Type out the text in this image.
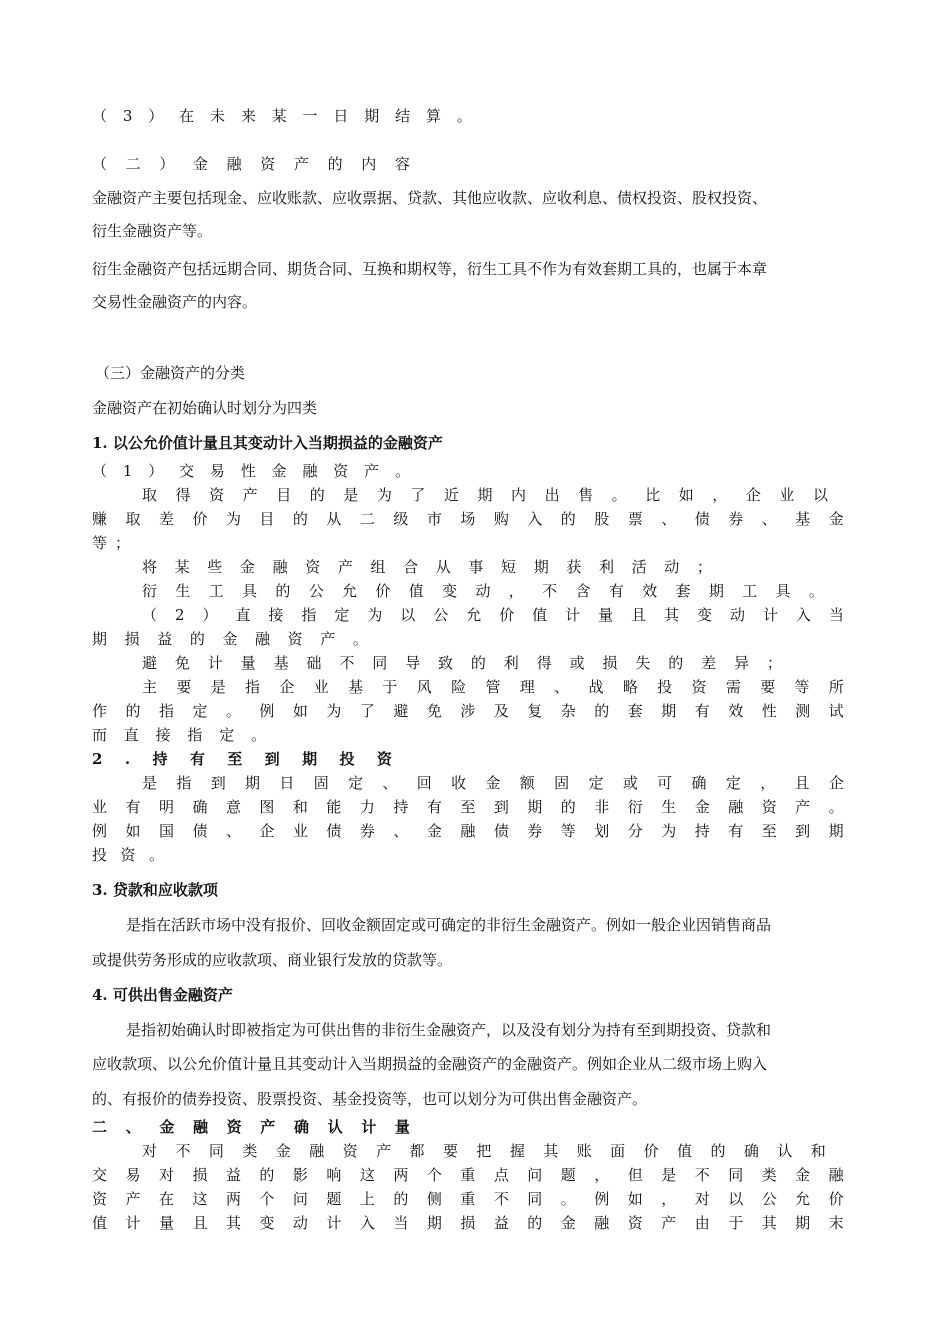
（ 3 ） 在 未 来 某 一 日 期 结 算 。
（ 二 ） 金 融 资 产 的 内 容
金融资产主要包括现金、应收账款、应收票据、贷款、其他应收款、应收利息、债权投资、股权投资、
衍生金融资产等。
衍生金融资产包括远期合同、期货合同、互换和期权等，衍生工具不作为有效套期工具的，也属于本章
交易性金融资产的内容。
（三）金融资产的分类
金融资产在初始确认时划分为四类
1. 以公允价值计量且其变动计入当期损益的金融资产
（ 1 ） 交 易 性 金 融 资 产 。
取 得 资 产 目 的 是 为 了 近 期 内 出 售 。 比 如 ， 企 业 以
赚 取 差 价 为 目 的 从 二 级 市 场 购 入 的 股 票 、 债 券 、 基 金
等 ；
将 某 些 金 融 资 产 组 合 从 事 短 期 获 利 活 动 ；
衍 生 工 具 的 公 允 价 值 变 动 ， 不 含 有 效 套 期 工 具 。
（ 2 ） 直 接 指 定 为 以 公 允 价 值 计 量 且 其 变 动 计 入 当
期 损 益 的 金 融 资 产 。
避 免 计 量 基 础 不 同 导 致 的 利 得 或 损 失 的 差 异 ；
主 要 是 指 企 业 基 于 风 险 管 理 、 战 略 投 资 需 要 等 所
作 的 指 定 。 例 如 为 了 避 免 涉 及 复 杂 的 套 期 有 效 性 测 试
而 直 接 指 定 。
2 . 持 有 至 到 期 投 资
是 指 到 期 日 固 定 、 回 收 金 额 固 定 或 可 确 定 ， 且 企
业 有 明 确 意 图 和 能 力 持 有 至 到 期 的 非 衍 生 金 融 资 产 。
例 如 国 债 、 企 业 债 券 、 金 融 债 券 等 划 分 为 持 有 至 到 期
投 资 。
3. 贷款和应收款项
是指在活跃市场中没有报价、回收金额固定或可确定的非衍生金融资产。例如一般企业因销售商品
或提供劳务形成的应收款项、商业银行发放的贷款等。
4. 可供出售金融资产
是指初始确认时即被指定为可供出售的非衍生金融资产，以及没有划分为持有至到期投资、贷款和
应收款项、以公允价值计量且其变动计入当期损益的金融资产的金融资产。例如企业从二级市场上购入
的、有报价的债券投资、股票投资、基金投资等，也可以划分为可供出售金融资产。
二 、 金 融 资 产 确 认 计 量
对 不 同 类 金 融 资 产 都 要 把 握 其 账 面 价 值 的 确 认 和
交 易 对 损 益 的 影 响 这 两 个 重 点 问 题 ， 但 是 不 同 类 金 融
资 产 在 这 两 个 问 题 上 的 侧 重 不 同 。 例 如 ， 对 以 公 允 价
值 计 量 且 其 变 动 计 入 当 期 损 益 的 金 融 资 产 由 于 其 期 末
